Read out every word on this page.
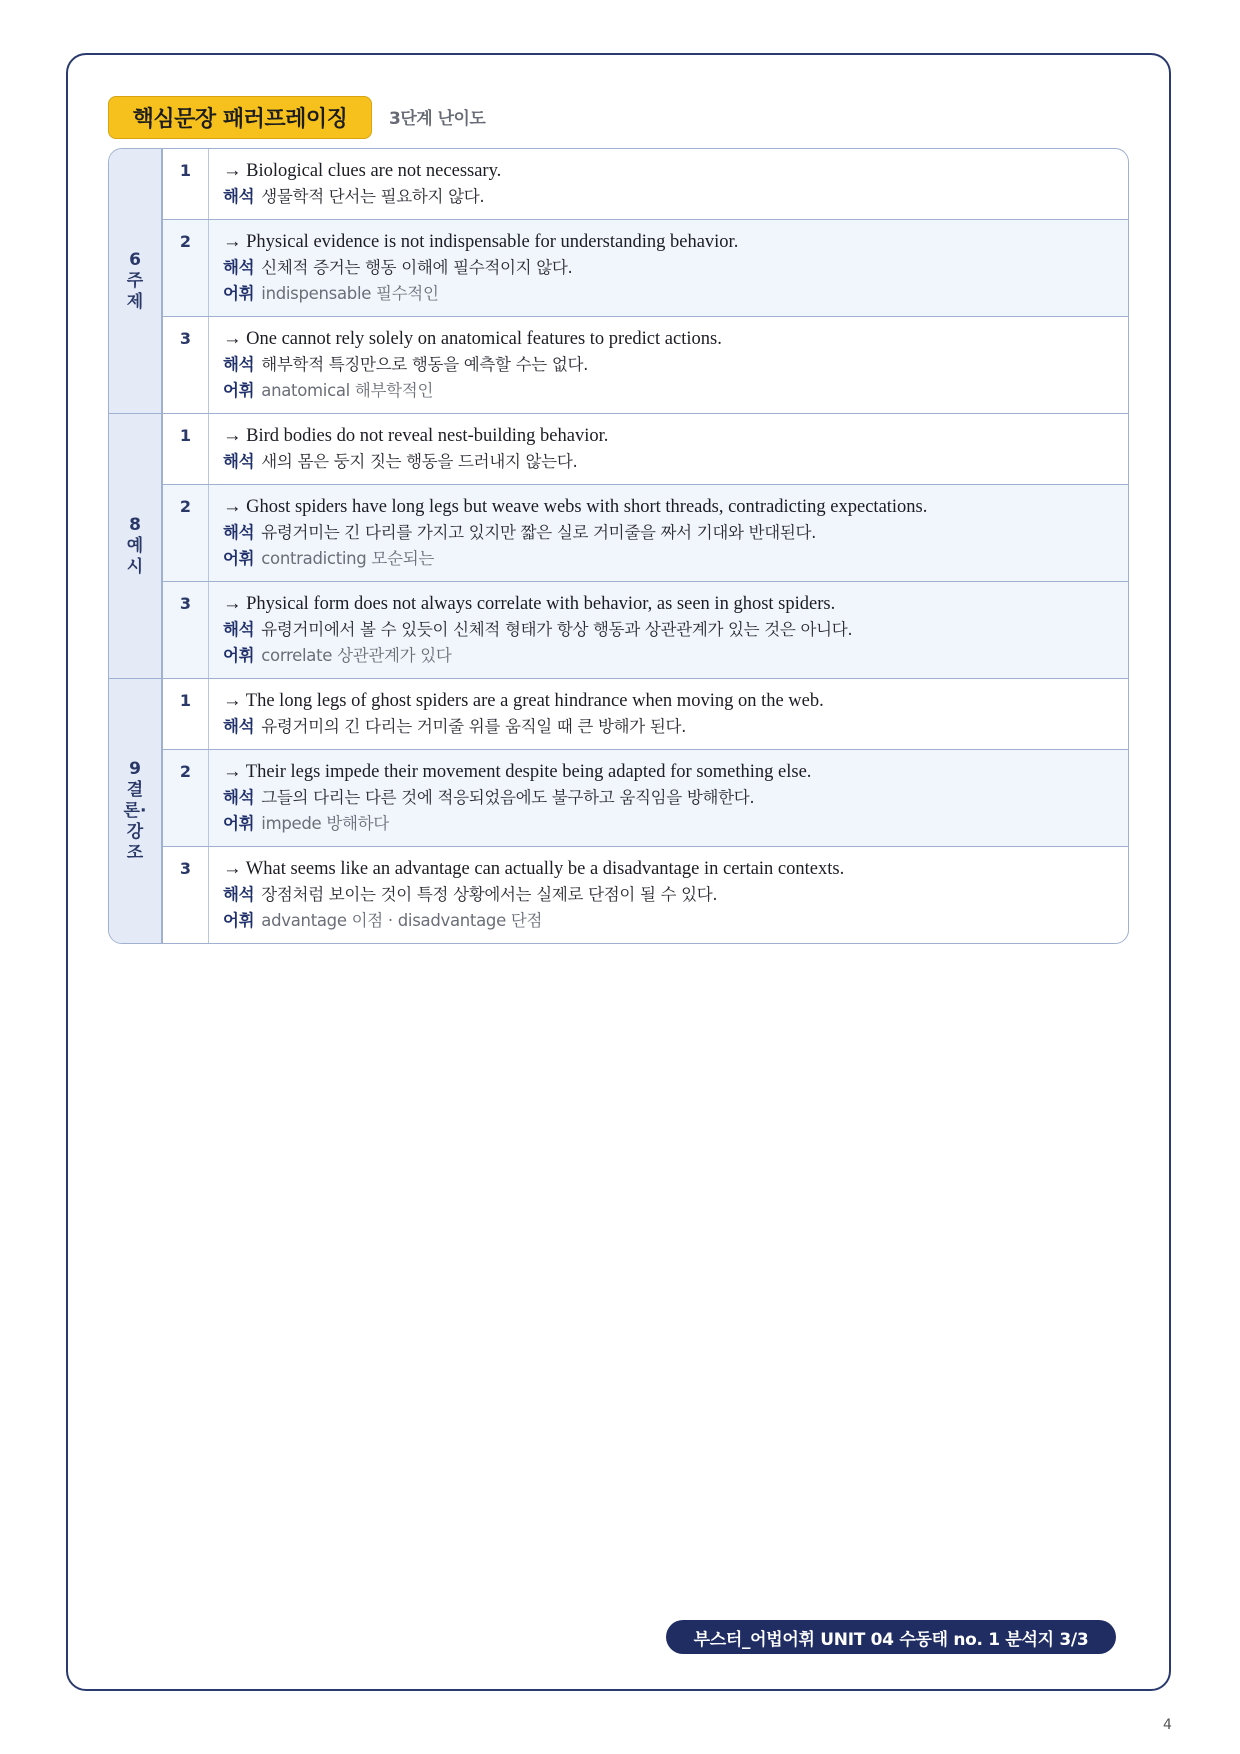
핵심문장 패러프레이징	3단계 난이도
6
주
제
1	→ Biological clues are not necessary.
해석 생물학적 단서는 필요하지 않다.
2	→ Physical evidence is not indispensable for understanding behavior.
해석 신체적 증거는 행동 이해에 필수적이지 않다.
어휘 indispensable 필수적인
3	→ One cannot rely solely on anatomical features to predict actions.
해석 해부학적 특징만으로 행동을 예측할 수는 없다.
어휘 anatomical 해부학적인
8
예
시
1	→ Bird bodies do not reveal nest-building behavior.
해석 새의 몸은 둥지 짓는 행동을 드러내지 않는다.
2	→ Ghost spiders have long legs but weave webs with short threads, contradicting expectations.
해석 유령거미는 긴 다리를 가지고 있지만 짧은 실로 거미줄을 짜서 기대와 반대된다.
어휘 contradicting 모순되는
3	→ Physical form does not always correlate with behavior, as seen in ghost spiders.
해석 유령거미에서 볼 수 있듯이 신체적 형태가 항상 행동과 상관관계가 있는 것은 아니다.
어휘 correlate 상관관계가 있다
9
결
론·
강
조
1	→ The long legs of ghost spiders are a great hindrance when moving on the web.
해석 유령거미의 긴 다리는 거미줄 위를 움직일 때 큰 방해가 된다.
2	→ Their legs impede their movement despite being adapted for something else.
해석 그들의 다리는 다른 것에 적응되었음에도 불구하고 움직임을 방해한다.
어휘 impede 방해하다
3	→ What seems like an advantage can actually be a disadvantage in certain contexts.
해석 장점처럼 보이는 것이 특정 상황에서는 실제로 단점이 될 수 있다.
어휘 advantage 이점 · disadvantage 단점
부스터_어법어휘 UNIT 04 수동태 no. 1 분석지 3/3
4
